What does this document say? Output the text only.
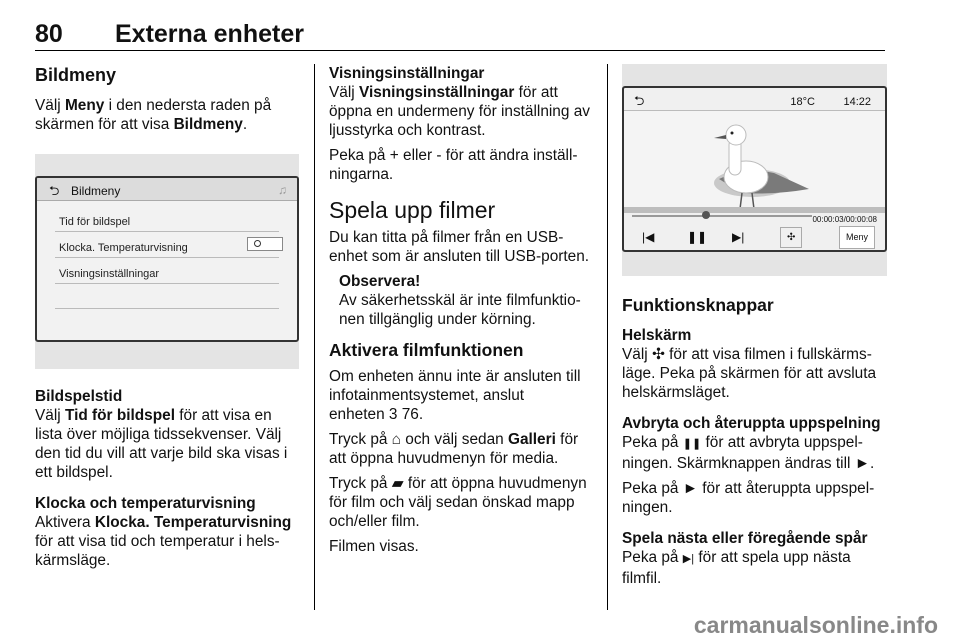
80 Externa enheter
Bildmeny

Välj Meny i den nedersta raden på skärmen för att visa Bildmeny.

⮌ Bildmeny	♫
Tid för bildspel
Klocka. Temperaturvisning
Visningsinställningar
Bildspelstid

Välj Tid för bildspel för att visa en lista över möjliga tidssekvenser. Välj den tid du vill att varje bild ska visas i ett bildspel.

Klocka och temperaturvisning

Aktivera Klocka. Temperaturvisning för att visa tid och temperatur i hels-kärmsläge.

Visningsinställningar

Välj Visningsinställningar för att öppna en undermeny för inställning av ljusstyrka och kontrast.

Peka på + eller - för att ändra inställ-ningarna.

Spela upp filmer

Du kan titta på filmer från en USB-enhet som är ansluten till USB-porten.

Observera!

Av säkerhetsskäl är inte filmfunktio-nen tillgänglig under körning.

Aktivera filmfunktionen

Om enheten ännu inte är ansluten till infotainmentsystemet, anslut

enheten 3 76.

Tryck på ⌂ och välj sedan Galleri för att öppna huvudmenyn för media.

Tryck på ▰ för att öppna huvudmenyn för film och välj sedan önskad mapp och/eller film.

Filmen visas.

⮌	18°C	14:22
00:00:03/00:00:08
|◀	❚❚ ▶|	✣	Meny
Funktionsknappar
Helskärm

Välj ✣ för att visa filmen i fullskärms-läge. Peka på skärmen för att avsluta helskärmsläget.

Avbryta och återuppta uppspelning

Peka på ❚❚ för att avbryta uppspel-ningen. Skärmknappen ändras till ►.

Peka på ► för att återuppta uppspel-ningen.

Spela nästa eller föregående spår

Peka på ▶| för att spela upp nästa filmfil.

carmanualsonline.info
